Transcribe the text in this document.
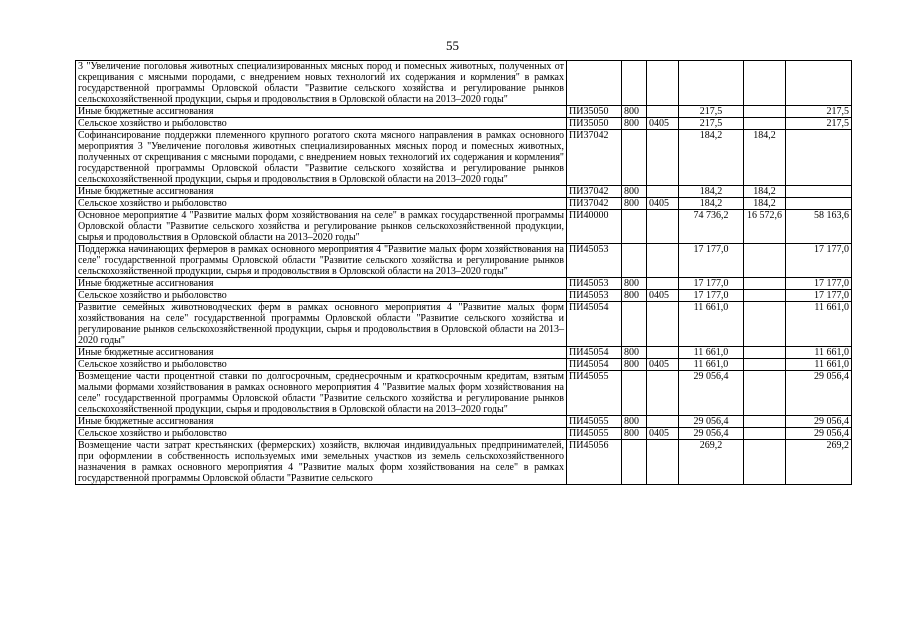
55
3 "Увеличение поголовья животных специализированных мясных пород и помесных животных, полученных от скрещивания с мясными породами, с внедрением новых технологий их содержания и кормления" в рамках государственной программы Орловской области "Развитие сельского хозяйства и регулирование рынков сельскохозяйственной продукции, сырья и продовольствия в Орловской области на 2013–2020 годы"						
Иные бюджетные ассигнования	ПИ35050	800		217,5		217,5
Сельское хозяйство и рыболовство	ПИ35050	800	0405	217,5		217,5
Софинансирование поддержки племенного крупного рогатого скота мясного направления в рамках основного мероприятия 3 "Увеличение поголовья животных специализированных мясных пород и помесных животных, полученных от скрещивания с мясными породами, с внедрением новых технологий их содержания и кормления" государственной программы Орловской области "Развитие сельского хозяйства и регулирование рынков сельскохозяйственной продукции, сырья и продовольствия в Орловской области на 2013–2020 годы"	ПИ37042			184,2	184,2	
Иные бюджетные ассигнования	ПИ37042	800		184,2	184,2	
Сельское хозяйство и рыболовство	ПИ37042	800	0405	184,2	184,2	
Основное мероприятие 4 "Развитие малых форм хозяйствования на селе" в рамках государственной программы Орловской области "Развитие сельского хозяйства и регулирование рынков сельскохозяйственной продукции, сырья и продовольствия в Орловской области на 2013–2020 годы"	ПИ40000			74 736,2	16 572,6	58 163,6
Поддержка начинающих фермеров в рамках основного мероприятия 4 "Развитие малых форм хозяйствования на селе" государственной программы Орловской области "Развитие сельского хозяйства и регулирование рынков сельскохозяйственной продукции, сырья и продовольствия в Орловской области на 2013–2020 годы"	ПИ45053			17 177,0		17 177,0
Иные бюджетные ассигнования	ПИ45053	800		17 177,0		17 177,0
Сельское хозяйство и рыболовство	ПИ45053	800	0405	17 177,0		17 177,0
Развитие семейных животноводческих ферм в рамках основного мероприятия 4 "Развитие малых форм хозяйствования на селе" государственной программы Орловской области "Развитие сельского хозяйства и регулирование рынков сельскохозяйственной продукции, сырья и продовольствия в Орловской области на 2013–2020 годы"	ПИ45054			11 661,0		11 661,0
Иные бюджетные ассигнования	ПИ45054	800		11 661,0		11 661,0
Сельское хозяйство и рыболовство	ПИ45054	800	0405	11 661,0		11 661,0
Возмещение части процентной ставки по долгосрочным, среднесрочным и краткосрочным кредитам, взятым малыми формами хозяйствования в рамках основного мероприятия 4 "Развитие малых форм хозяйствования на селе" государственной программы Орловской области "Развитие сельского хозяйства и регулирование рынков сельскохозяйственной продукции, сырья и продовольствия в Орловской области на 2013–2020 годы"	ПИ45055			29 056,4		29 056,4
Иные бюджетные ассигнования	ПИ45055	800		29 056,4		29 056,4
Сельское хозяйство и рыболовство	ПИ45055	800	0405	29 056,4		29 056,4
Возмещение части затрат крестьянских (фермерских) хозяйств, включая индивидуальных предпринимателей, при оформлении в собственность используемых ими земельных участков из земель сельскохозяйственного назначения в рамках основного мероприятия 4 "Развитие малых форм хозяйствования на селе" в рамках государственной программы Орловской области "Развитие сельского	ПИ45056			269,2		269,2
